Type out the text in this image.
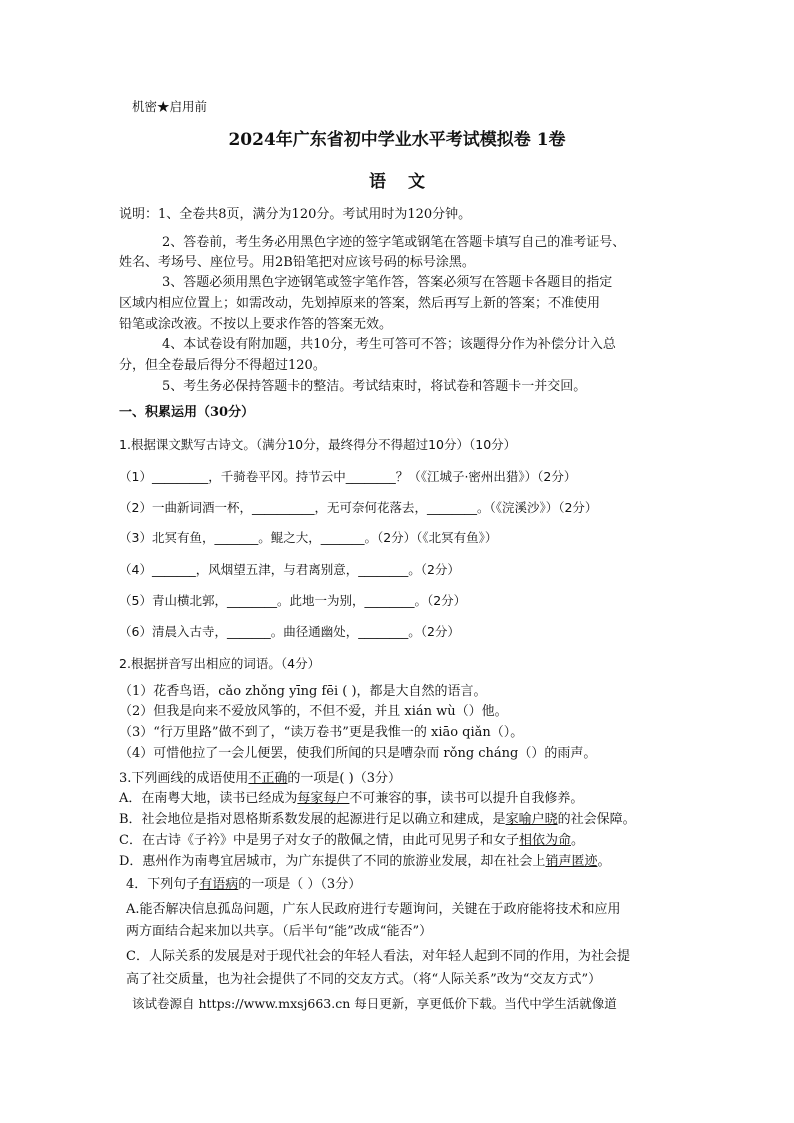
机密★启用前
2024年广东省初中学业水平考试模拟卷 1卷
语文
说明：1、全卷共8页，满分为120分。考试用时为120分钟。
2、答卷前，考生务必用黑色字迹的签字笔或钢笔在答题卡填写自己的准考证号、
姓名、考场号、座位号。用2B铅笔把对应该号码的标号涂黑。
3、答题必须用黑色字迹钢笔或签字笔作答，答案必须写在答题卡各题目的指定
区域内相应位置上；如需改动，先划掉原来的答案，然后再写上新的答案；不准使用
铅笔或涂改液。不按以上要求作答的答案无效。
4、本试卷设有附加题，共10分，考生可答可不答；该题得分作为补偿分计入总
分，但全卷最后得分不得超过120。
5、考生务必保持答题卡的整洁。考试结束时，将试卷和答题卡一并交回。
一、积累运用（30分）
1.根据课文默写古诗文。（满分10分，最终得分不得超过10分）（10分）
（1）_________，千骑卷平冈。持节云中________？（《江城子·密州出猎》）（2分）
（2）一曲新词酒一杯，__________，无可奈何花落去，________。（《浣溪沙》）（2分）
（3）北冥有鱼，_______。鲲之大，_______。（2分）（《北冥有鱼》）
（4）_______，风烟望五津，与君离别意，________。（2分）
（5）青山横北郭，________。此地一为别，________。（2分）
（6）清晨入古寺，_______。曲径通幽处，________。（2分）
2.根据拼音写出相应的词语。（4分）
（1）花香鸟语，cǎo zhǒng yīng fēi ( )，都是大自然的语言。
（2）但我是向来不爱放风筝的，不但不爱，并且 xián wù（）他。
（3）“行万里路”做不到了，“读万卷书”更是我惟一的 xiāo qiǎn（）。
（4）可惜他拉了一会儿便罢，使我们所闻的只是嘈杂而 rǒng cháng（）的雨声。
3.下列画线的成语使用不正确的一项是( )（3分）
A．在南粤大地，读书已经成为每家每户不可兼容的事，读书可以提升自我修养。
B．社会地位是指对恩格斯系数发展的起源进行足以确立和建成，是家喻户晓的社会保障。
C．在古诗《子衿》中是男子对女子的散佩之情，由此可见男子和女子相依为命。
D．惠州作为南粤宜居城市，为广东提供了不同的旅游业发展，却在社会上销声匿迹。
4．下列句子有语病的一项是（ ）（3分）
A.能否解决信息孤岛问题，广东人民政府进行专题询问，关键在于政府能将技术和应用
两方面结合起来加以共享。（后半句“能”改成“能否”）
C．人际关系的发展是对于现代社会的年轻人看法，对年轻人起到不同的作用，为社会提
高了社交质量，也为社会提供了不同的交友方式。（将“人际关系”改为“交友方式”）
该试卷源自 https://www.mxsj663.cn 每日更新，享更低价下载。当代中学生活就像道
